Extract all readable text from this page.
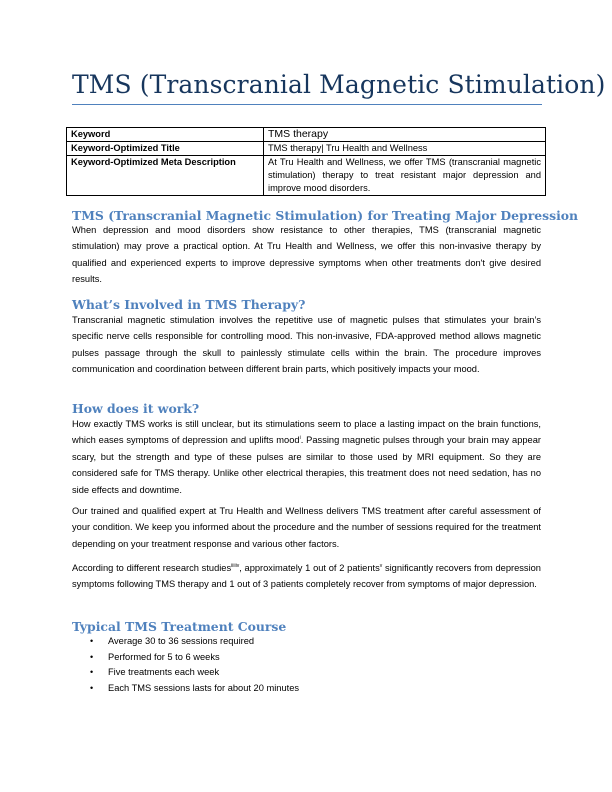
TMS (Transcranial Magnetic Stimulation)
Keyword	TMS therapy
Keyword-Optimized Title	TMS therapy| Tru Health and Wellness
Keyword-Optimized Meta Description	At Tru Health and Wellness, we offer TMS (transcranial magnetic stimulation) therapy to treat resistant major depression and improve mood disorders.
TMS (Transcranial Magnetic Stimulation) for Treating Major Depression

When depression and mood disorders show resistance to other therapies, TMS (transcranial magnetic stimulation) may prove a practical option. At Tru Health and Wellness, we offer this non-invasive therapy by qualified and experienced experts to improve depressive symptoms when other treatments don't give desired results.

What’s Involved in TMS Therapy?

Transcranial magnetic stimulation involves the repetitive use of magnetic pulses that stimulates your brain’s specific nerve cells responsible for controlling mood. This non-invasive, FDA-approved method allows magnetic pulses passage through the skull to painlessly stimulate cells within the brain. The procedure improves communication and coordination between different brain parts, which positively impacts your mood.

How does it work?

How exactly TMS works is still unclear, but its stimulations seem to place a lasting impact on the brain functions, which eases symptoms of depression and uplifts mood$^i$. Passing magnetic pulses through your brain may appear scary, but the strength and type of these pulses are similar to those used by MRI equipment. So they are considered safe for TMS therapy. Unlike other electrical therapies, this treatment does not need sedation, has no side effects and downtime.

Our trained and qualified expert at Tru Health and Wellness delivers TMS treatment after careful assessment of your condition. We keep you informed about the procedure and the number of sessions required for the treatment depending on your treatment response and various other factors.

According to different research studies$^{iiiiiv}$, approximately 1 out of 2 patients$^v$ significantly recovers from depression symptoms following TMS therapy and 1 out of 3 patients completely recover from symptoms of major depression.

Typical TMS Treatment Course
• Average 30 to 36 sessions required
• Performed for 5 to 6 weeks
• Five treatments each week
• Each TMS sessions lasts for about 20 minutes
